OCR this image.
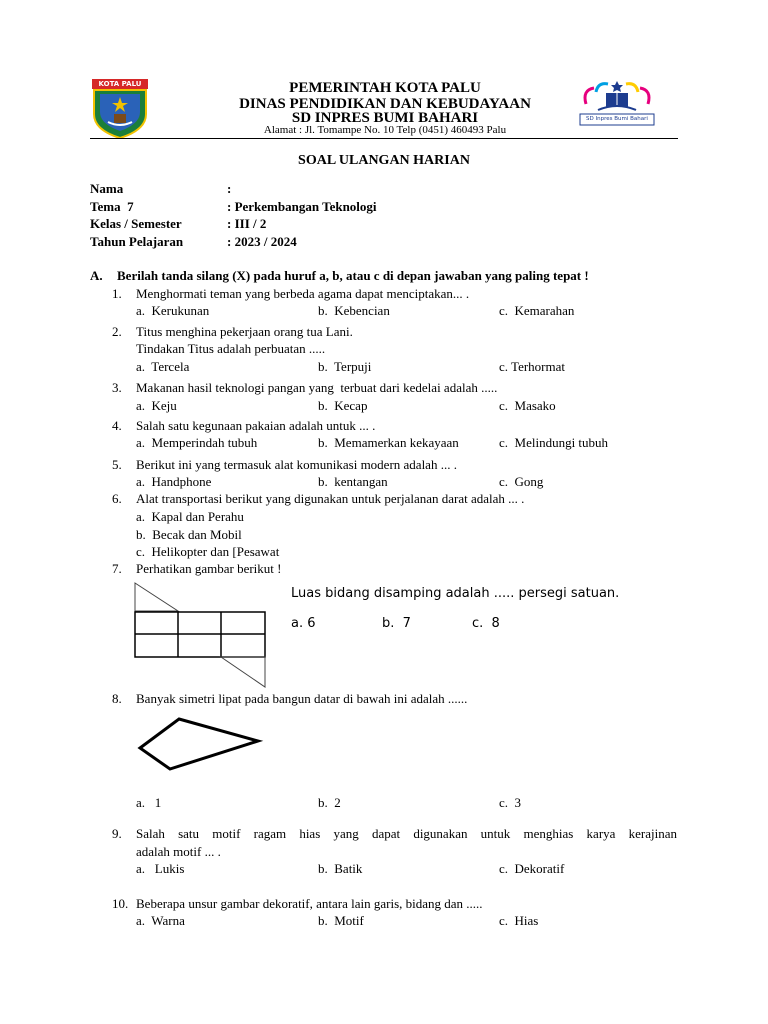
KOTA PALU	PEMERINTAH KOTA PALU
DINAS PENDIDIKAN DAN KEBUDAYAAN
SD INPRES BUMI BAHARI
Alamat : Jl. Tomampe No. 10 Telp (0451) 460493 Palu
SD Inpres Bumi Bahari
SOAL ULANGAN HARIAN
Nama	:
Tema  7	: Perkembangan Teknologi
Kelas / Semester	: III / 2
Tahun Pelajaran	: 2023 / 2024
A. Berilah tanda silang (X) pada huruf a, b, atau c di depan jawaban yang paling tepat !
1. Menghormati teman yang berbeda agama dapat menciptakan... .
a.  Kerukunan	b.  Kebencian	c.  Kemarahan
2. Titus menghina pekerjaan orang tua Lani.
Tindakan Titus adalah perbuatan .....
a.  Tercela	b.  Terpuji	c. Terhormat
3. Makanan hasil teknologi pangan yang  terbuat dari kedelai adalah .....
a.  Keju	b.  Kecap	c.  Masako
4. Salah satu kegunaan pakaian adalah untuk ... .
a.  Memperindah tubuh	b.  Memamerkan kekayaan	c.  Melindungi tubuh
5. Berikut ini yang termasuk alat komunikasi modern adalah ... .
a.  Handphone	b.  kentangan	c.  Gong
6. Alat transportasi berikut yang digunakan untuk perjalanan darat adalah ... .
a.  Kapal dan Perahu
b.  Becak dan Mobil
c.  Helikopter dan [Pesawat
7. Perhatikan gambar berikut !
Luas bidang disamping adalah ..... persegi satuan.
a. 6	b.  7	c.  8
8. Banyak simetri lipat pada bangun datar di bawah ini adalah ......
a.   1	b.  2	c.  3
9. Salah satu motif ragam hias yang dapat digunakan untuk menghias karya kerajinan
adalah motif ... .
a.   Lukis	b.  Batik	c.  Dekoratif
10. Beberapa unsur gambar dekoratif, antara lain garis, bidang dan .....
a.  Warna	b.  Motif	c.  Hias
